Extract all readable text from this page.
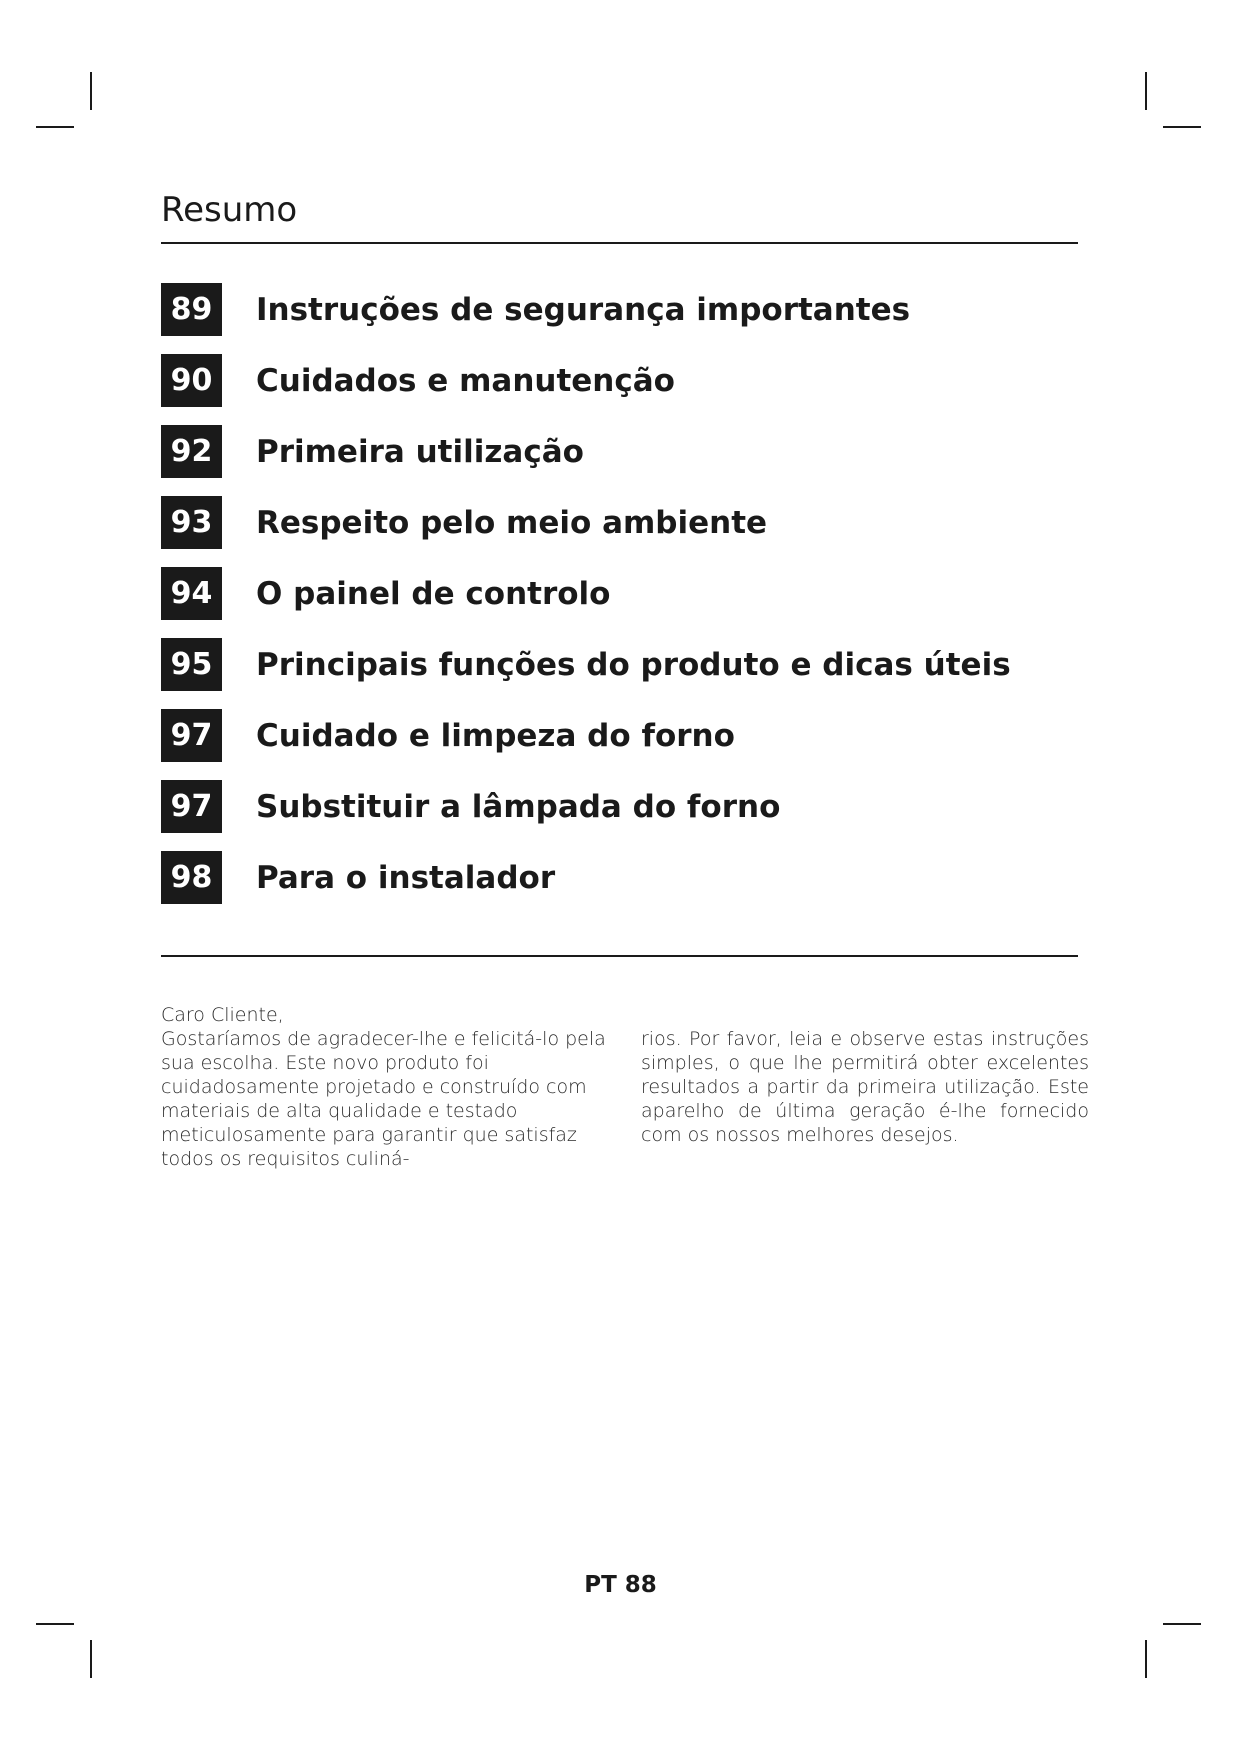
Resumo
89	Instruções de segurança importantes
90	Cuidados e manutenção
92	Primeira utilização
93	Respeito pelo meio ambiente
94	O painel de controlo
95	Principais funções do produto e dicas úteis
97	Cuidado e limpeza do forno
97	Substituir a lâmpada do forno
98	Para o instalador

Caro Cliente,

Gostaríamos de agradecer-lhe e felicitá-lo pela sua escolha. Este novo produto foi cuidadosamente projetado e construído com materiais de alta qualidade e testado meticulosamente para garantir que satisfaz todos os requisitos culiná-

rios. Por favor, leia e observe estas instruções simples, o que lhe permitirá obter excelentes resultados a partir da primeira utilização. Este aparelho de última geração é-lhe fornecido com os nossos melhores desejos.

PT 88
